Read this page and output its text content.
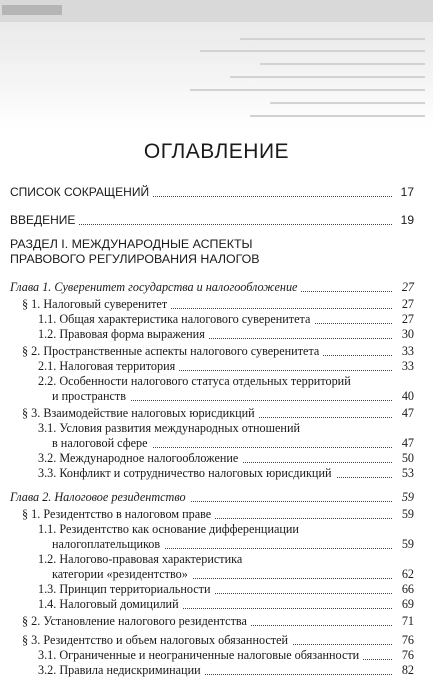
ОГЛАВЛЕНИЕ
СПИСОК СОКРАЩЕНИЙ	17
ВВЕДЕНИЕ	19
РАЗДЕЛ I. МЕЖДУНАРОДНЫЕ АСПЕКТЫ
ПРАВОВОГО РЕГУЛИРОВАНИЯ НАЛОГОВ
Глава 1. Суверенитет государства и налогообложение	27
§ 1. Налоговый суверенитет	27
1.1. Общая характеристика налогового суверенитета	27
1.2. Правовая форма выражения	30
§ 2. Пространственные аспекты налогового суверенитета	33
2.1. Налоговая территория	33
2.2. Особенности налогового статуса отдельных территорий
и пространств	40
§ 3. Взаимодействие налоговых юрисдикций	47
3.1. Условия развития международных отношений
в налоговой сфере	47
3.2. Международное налогообложение	50
3.3. Конфликт и сотрудничество налоговых юрисдикций	53
Глава 2. Налоговое резидентство	59
§ 1. Резидентство в налоговом праве	59
1.1. Резидентство как основание дифференциации
налогоплательщиков	59
1.2. Налогово-правовая характеристика
категории «резидентство»	62
1.3. Принцип территориальности	66
1.4. Налоговый домицилий	69
§ 2. Установление налогового резидентства	71
§ 3. Резидентство и объем налоговых обязанностей	76
3.1. Ограниченные и неограниченные налоговые обязанности	76
3.2. Правила недискриминации	82
